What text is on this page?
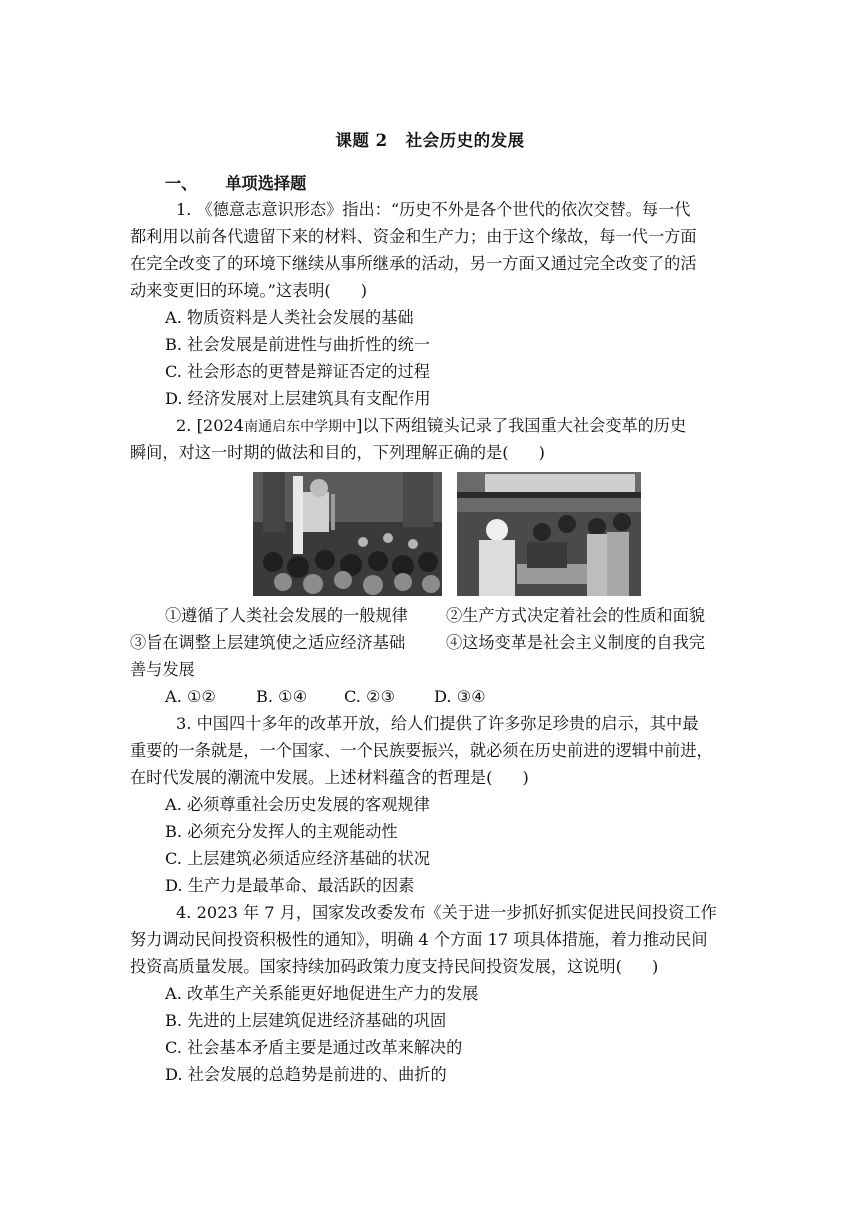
课题 2 社会历史的发展
一、 单项选择题
1. 《德意志意识形态》指出：“历史不外是各个世代的依次交替。每一代
都利用以前各代遗留下来的材料、资金和生产力；由于这个缘故，每一代一方面
在完全改变了的环境下继续从事所继承的活动，另一方面又通过完全改变了的活
动来变更旧的环境。”这表明( )
A. 物质资料是人类社会发展的基础
B. 社会发展是前进性与曲折性的统一
C. 社会形态的更替是辩证否定的过程
D. 经济发展对上层建筑具有支配作用
2. [2024南通启东中学期中]以下两组镜头记录了我国重大社会变革的历史
瞬间，对这一时期的做法和目的，下列理解正确的是( )
①遵循了人类社会发展的一般规律 ②生产方式决定着社会的性质和面貌
③旨在调整上层建筑使之适应经济基础	④这场变革是社会主义制度的自我完
善与发展
A. ①② B. ①④ C. ②③ D. ③④
3. 中国四十多年的改革开放，给人们提供了许多弥足珍贵的启示，其中最
重要的一条就是，一个国家、一个民族要振兴，就必须在历史前进的逻辑中前进，
在时代发展的潮流中发展。上述材料蕴含的哲理是( )
A. 必须尊重社会历史发展的客观规律
B. 必须充分发挥人的主观能动性
C. 上层建筑必须适应经济基础的状况
D. 生产力是最革命、最活跃的因素
4. 2023 年 7 月，国家发改委发布《关于进一步抓好抓实促进民间投资工作
努力调动民间投资积极性的通知》，明确 4 个方面 17 项具体措施，着力推动民间
投资高质量发展。国家持续加码政策力度支持民间投资发展，这说明( )
A. 改革生产关系能更好地促进生产力的发展
B. 先进的上层建筑促进经济基础的巩固
C. 社会基本矛盾主要是通过改革来解决的
D. 社会发展的总趋势是前进的、曲折的
